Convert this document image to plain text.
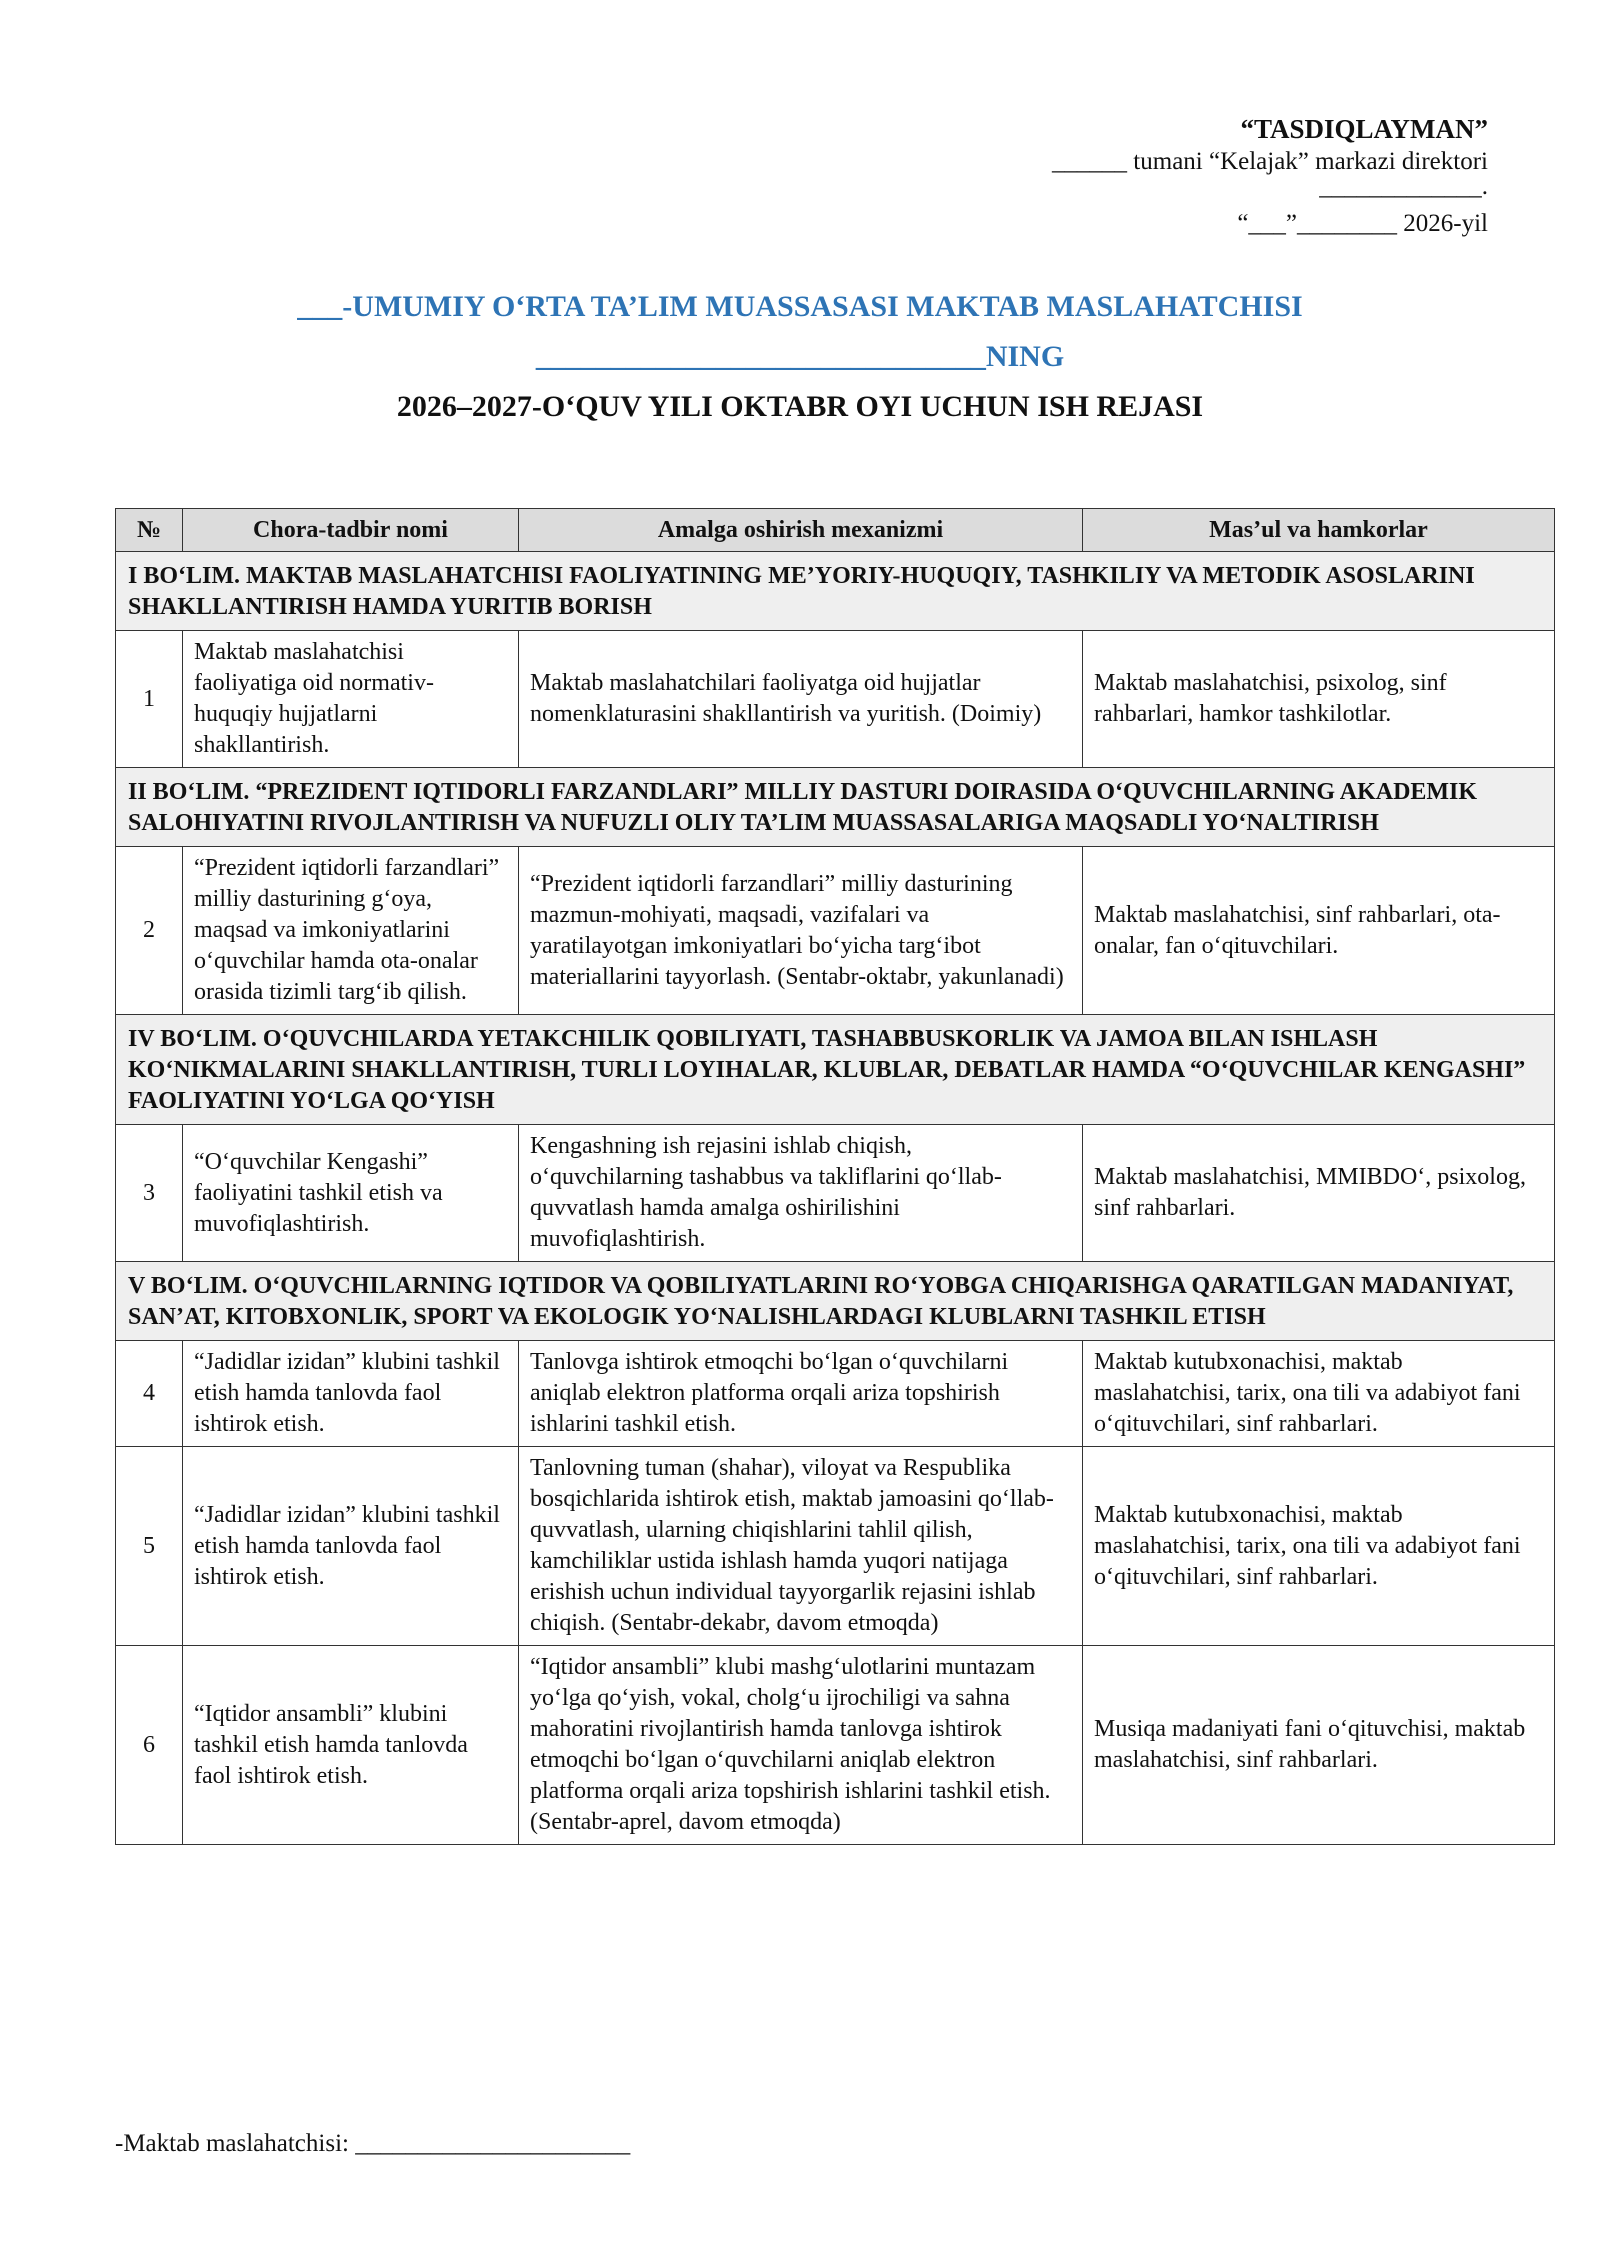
“TASDIQLAYMAN”
______ tumani “Kelajak” markazi direktori
_____________.
“___”________ 2026-yil
___-UMUMIY O‘RTA TA’LIM MUASSASASI MAKTAB MASLAHATCHISI
______________________________NING
2026–2027-O‘QUV YILI OKTABR OYI UCHUN ISH REJASI
№	Chora-tadbir nomi	Amalga oshirish mexanizmi	Mas’ul va hamkorlar
I BO‘LIM. MAKTAB MASLAHATCHISI FAOLIYATINING ME’YORIY-HUQUQIY, TASHKILIY VA METODIK ASOSLARINI SHAKLLANTIRISH HAMDA YURITIB BORISH			
1	Maktab maslahatchisi faoliyatiga oid normativ-huquqiy hujjatlarni shakllantirish.	Maktab maslahatchilari faoliyatga oid hujjatlar nomenklaturasini shakllantirish va yuritish. (Doimiy)	Maktab maslahatchisi, psixolog, sinf rahbarlari, hamkor tashkilotlar.
II BO‘LIM. “PREZIDENT IQTIDORLI FARZANDLARI” MILLIY DASTURI DOIRASIDA O‘QUVCHILARNING AKADEMIK SALOHIYATINI RIVOJLANTIRISH VA NUFUZLI OLIY TA’LIM MUASSASALARIGA MAQSADLI YO‘NALTIRISH			
2	“Prezident iqtidorli farzandlari” milliy dasturining g‘oya, maqsad va imkoniyatlarini o‘quvchilar hamda ota-onalar orasida tizimli targ‘ib qilish.	“Prezident iqtidorli farzandlari” milliy dasturining mazmun-mohiyati, maqsadi, vazifalari va yaratilayotgan imkoniyatlari bo‘yicha targ‘ibot materiallarini tayyorlash. (Sentabr-oktabr, yakunlanadi)	Maktab maslahatchisi, sinf rahbarlari, ota-onalar, fan o‘qituvchilari.
IV BO‘LIM. O‘QUVCHILARDA YETAKCHILIK QOBILIYATI, TASHABBUSKORLIK VA JAMOA BILAN ISHLASH KO‘NIKMALARINI SHAKLLANTIRISH, TURLI LOYIHALAR, KLUBLAR, DEBATLAR HAMDA “O‘QUVCHILAR KENGASHI” FAOLIYATINI YO‘LGA QO‘YISH			
3	“O‘quvchilar Kengashi” faoliyatini tashkil etish va muvofiqlashtirish.	Kengashning ish rejasini ishlab chiqish, o‘quvchilarning tashabbus va takliflarini qo‘llab-quvvatlash hamda amalga oshirilishini muvofiqlashtirish.	Maktab maslahatchisi, MMIBDO‘, psixolog, sinf rahbarlari.
V BO‘LIM. O‘QUVCHILARNING IQTIDOR VA QOBILIYATLARINI RO‘YOBGA CHIQARISHGA QARATILGAN MADANIYAT, SAN’AT, KITOBXONLIK, SPORT VA EKOLOGIK YO‘NALISHLARDAGI KLUBLARNI TASHKIL ETISH			
4	“Jadidlar izidan” klubini tashkil etish hamda tanlovda faol ishtirok etish.	Tanlovga ishtirok etmoqchi bo‘lgan o‘quvchilarni aniqlab elektron platforma orqali ariza topshirish ishlarini tashkil etish.	Maktab kutubxonachisi, maktab maslahatchisi, tarix, ona tili va adabiyot fani o‘qituvchilari, sinf rahbarlari.
5	“Jadidlar izidan” klubini tashkil etish hamda tanlovda faol ishtirok etish.	Tanlovning tuman (shahar), viloyat va Respublika bosqichlarida ishtirok etish, maktab jamoasini qo‘llab-quvvatlash, ularning chiqishlarini tahlil qilish, kamchiliklar ustida ishlash hamda yuqori natijaga erishish uchun individual tayyorgarlik rejasini ishlab chiqish. (Sentabr-dekabr, davom etmoqda)	Maktab kutubxonachisi, maktab maslahatchisi, tarix, ona tili va adabiyot fani o‘qituvchilari, sinf rahbarlari.
6	“Iqtidor ansambli” klubini tashkil etish hamda tanlovda faol ishtirok etish.	“Iqtidor ansambli” klubi mashg‘ulotlarini muntazam yo‘lga qo‘yish, vokal, cholg‘u ijrochiligi va sahna mahoratini rivojlantirish hamda tanlovga ishtirok etmoqchi bo‘lgan o‘quvchilarni aniqlab elektron platforma orqali ariza topshirish ishlarini tashkil etish. (Sentabr-aprel, davom etmoqda)	Musiqa madaniyati fani o‘qituvchisi, maktab maslahatchisi, sinf rahbarlari.
-Maktab maslahatchisi: ______________________
